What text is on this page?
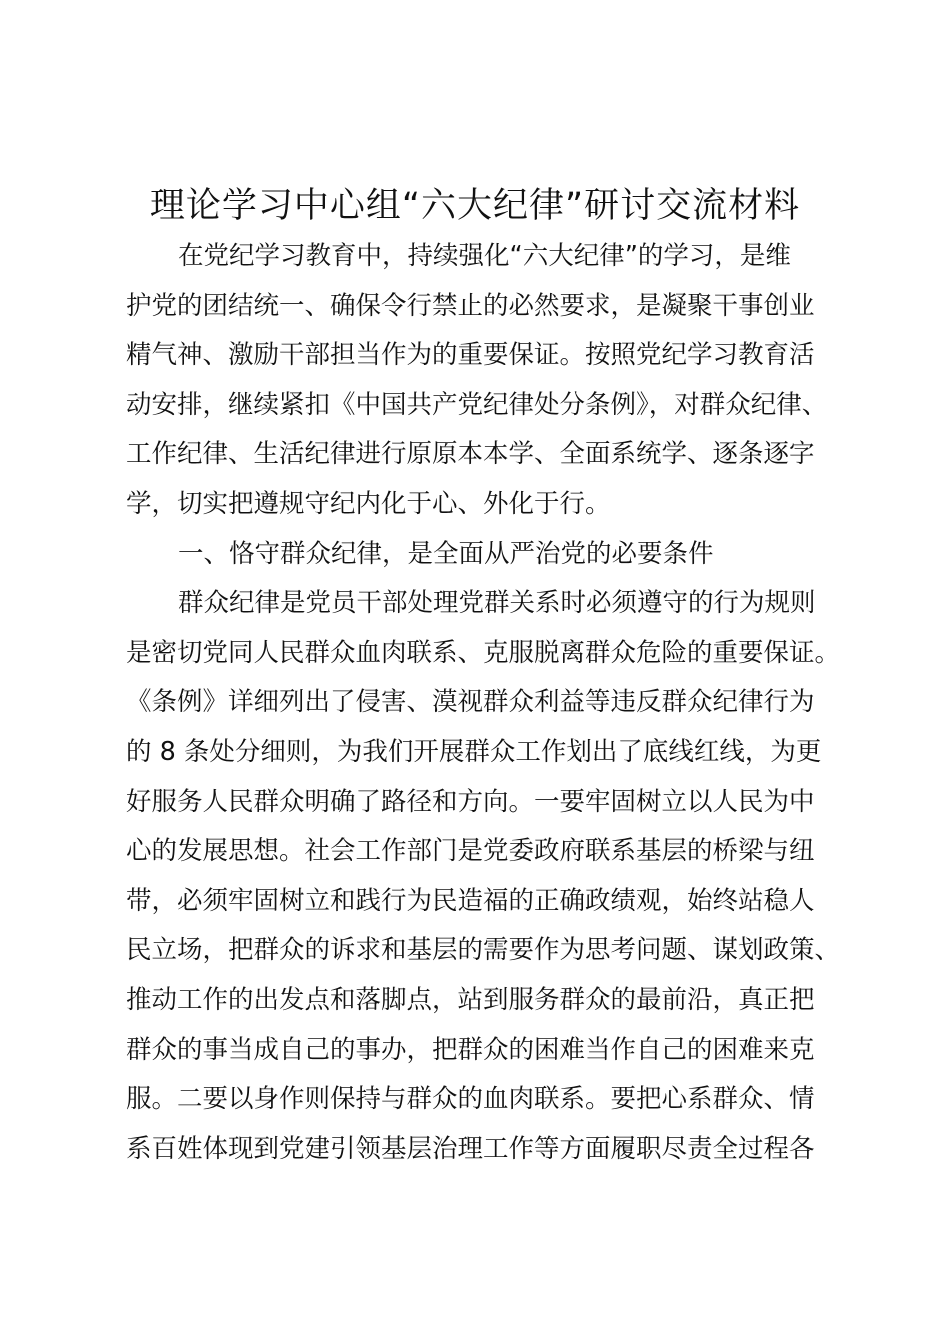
理论学习中心组“六大纪律”研讨交流材料
在党纪学习教育中，持续强化“六大纪律”的学习，是维
护党的团结统一、确保令行禁止的必然要求，是凝聚干事创业
精气神、激励干部担当作为的重要保证。按照党纪学习教育活
动安排，继续紧扣《中国共产党纪律处分条例》，对群众纪律、
工作纪律、生活纪律进行原原本本学、全面系统学、逐条逐字
学，切实把遵规守纪内化于心、外化于行。
一、恪守群众纪律，是全面从严治党的必要条件
群众纪律是党员干部处理党群关系时必须遵守的行为规则
是密切党同人民群众血肉联系、克服脱离群众危险的重要保证。
《条例》详细列出了侵害、漠视群众利益等违反群众纪律行为
的 8 条处分细则，为我们开展群众工作划出了底线红线，为更
好服务人民群众明确了路径和方向。一要牢固树立以人民为中
心的发展思想。社会工作部门是党委政府联系基层的桥梁与纽
带，必须牢固树立和践行为民造福的正确政绩观，始终站稳人
民立场，把群众的诉求和基层的需要作为思考问题、谋划政策、
推动工作的出发点和落脚点，站到服务群众的最前沿，真正把
群众的事当成自己的事办，把群众的困难当作自己的困难来克
服。二要以身作则保持与群众的血肉联系。要把心系群众、情
系百姓体现到党建引领基层治理工作等方面履职尽责全过程各
